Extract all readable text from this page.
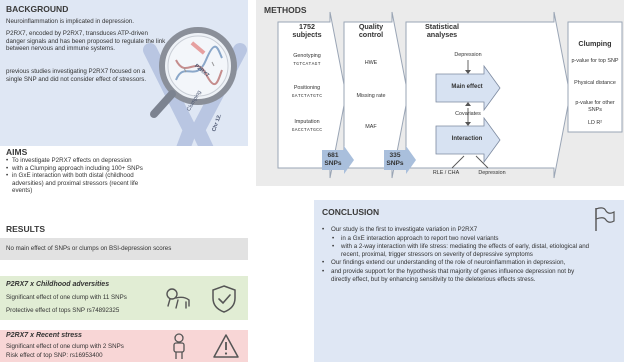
BACKGROUND
Neuroinflammation is implicated in depression.
P2RX7, encoded by P2RX7, transduces ATP-driven danger signals and has been proposed to regulate the link between nervous and immune systems.
previous studies investigating P2RX7 focused on a single SNP and did not consider effect of stressors.
P2RX7
Clumping
Chr 12.
AIMS
• To investigate P2RX7 effects on depression
• with a Clumping approach including 100+ SNPs
• in GxE interaction with both distal (childhood adversities) and proximal stressors (recent life events)
RESULTS
No main effect of SNPs or clumps on BSI-depression scores
P2RX7 x Childhood adversities
Significant effect of one clump with 11 SNPs
Protective effect of tops SNP rs74892325
P2RX7 x Recent stress
Significant effect of one clump with 2 SNPs
Risk effect of top SNP: rs16953400
METHODS
1752
subjects
Genotyping
TGTCATAGT
Positioning
GATCTATGTC
Imputation
GACCTATGCC
681
SNPs
Quality
control
HWE
Missing rate
MAF
335
SNPs
Statistical
analyses
Depression
Main effect
Covariates
Interaction
RLE / CHA	Depression
Clumping
p-value for top SNP
Physical distance
p-value for other SNPs
LD R²
CONCLUSION
• Our study is the first to investigate variation in P2RX7
• in a GxE interaction approach to report two novel variants
• with a 2-way interaction with life stress: mediating the effects of early, distal, etiological and recent, proximal, trigger stressors on severity of depressive symptoms
• Our findings extend our understanding of the role of neuroinflammation in depression,
• and provide support for the hypothesis that majority of genes influence depression not by directly effect, but by enhancing sensitivity to the deleterious effects stress.
